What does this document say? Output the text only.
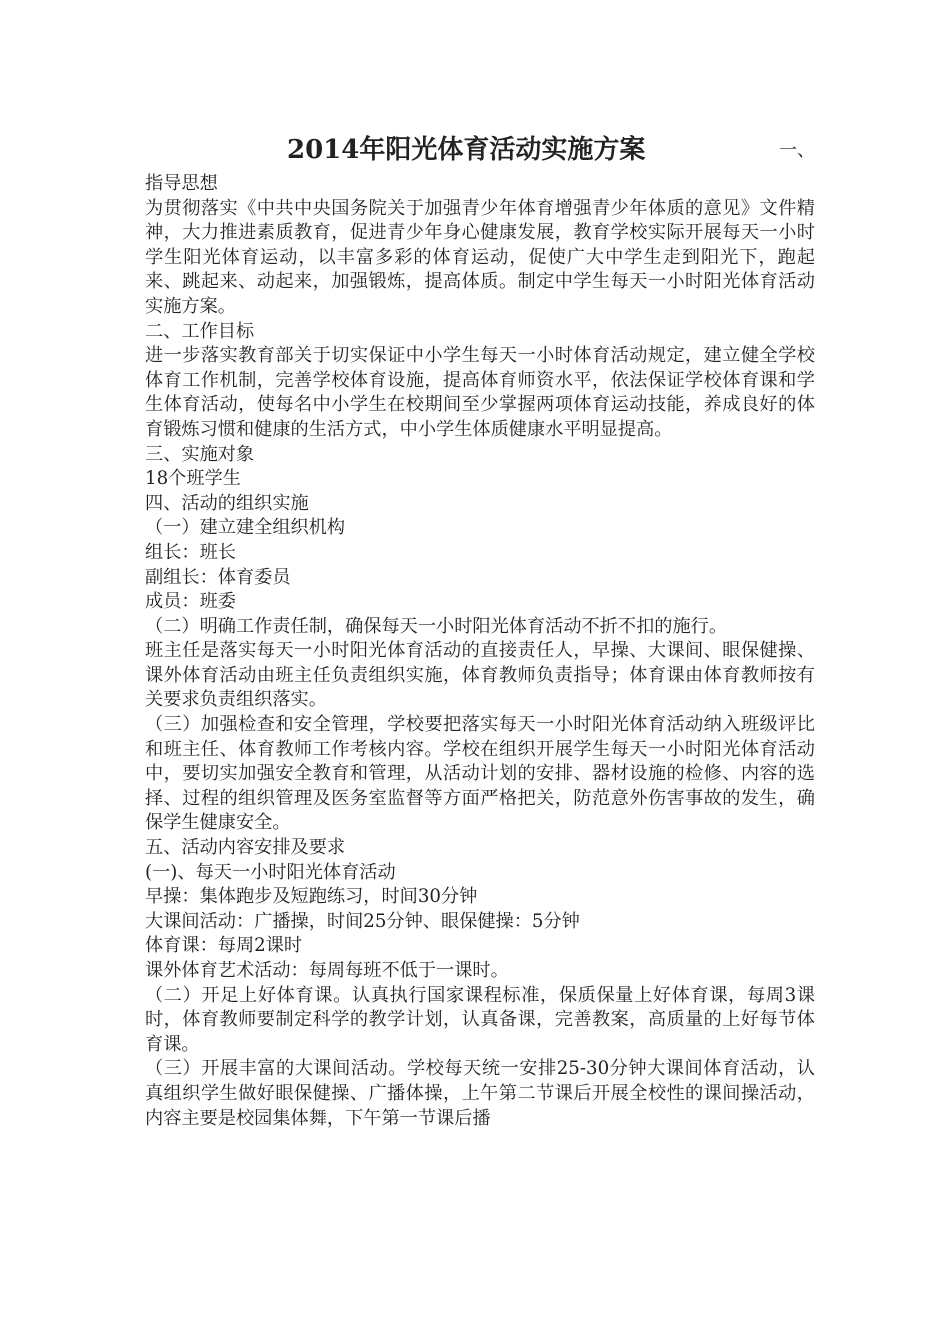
2014年阳光体育活动实施方案	一、

指导思想

为贯彻落实《中共中央国务院关于加强青少年体育增强青少年体质的意见》文件精神，大力推进素质教育，促进青少年身心健康发展，教育学校实际开展每天一小时学生阳光体育运动，以丰富多彩的体育运动，促使广大中学生走到阳光下，跑起来、跳起来、动起来，加强锻炼，提高体质。制定中学生每天一小时阳光体育活动实施方案。

二、工作目标

进一步落实教育部关于切实保证中小学生每天一小时体育活动规定，建立健全学校体育工作机制，完善学校体育设施，提高体育师资水平，依法保证学校体育课和学生体育活动，使每名中小学生在校期间至少掌握两项体育运动技能，养成良好的体育锻炼习惯和健康的生活方式，中小学生体质健康水平明显提高。

三、实施对象

18个班学生

四、活动的组织实施

（一）建立建全组织机构

组长：班长

副组长：体育委员

成员：班委

（二）明确工作责任制，确保每天一小时阳光体育活动不折不扣的施行。

班主任是落实每天一小时阳光体育活动的直接责任人，早操、大课间、眼保健操、课外体育活动由班主任负责组织实施，体育教师负责指导；体育课由体育教师按有关要求负责组织落实。

（三）加强检查和安全管理，学校要把落实每天一小时阳光体育活动纳入班级评比和班主任、体育教师工作考核内容。学校在组织开展学生每天一小时阳光体育活动中，要切实加强安全教育和管理，从活动计划的安排、器材设施的检修、内容的选择、过程的组织管理及医务室监督等方面严格把关，防范意外伤害事故的发生，确保学生健康安全。

五、活动内容安排及要求

(一)、每天一小时阳光体育活动

早操：集体跑步及短跑练习，时间30分钟

大课间活动：广播操，时间25分钟、眼保健操：5分钟

体育课：每周2课时

课外体育艺术活动：每周每班不低于一课时。

（二）开足上好体育课。认真执行国家课程标准，保质保量上好体育课，每周3课时，体育教师要制定科学的教学计划，认真备课，完善教案，高质量的上好每节体育课。

（三）开展丰富的大课间活动。学校每天统一安排25-30分钟大课间体育活动，认真组织学生做好眼保健操、广播体操，上午第二节课后开展全校性的课间操活动，内容主要是校园集体舞，下午第一节课后播
